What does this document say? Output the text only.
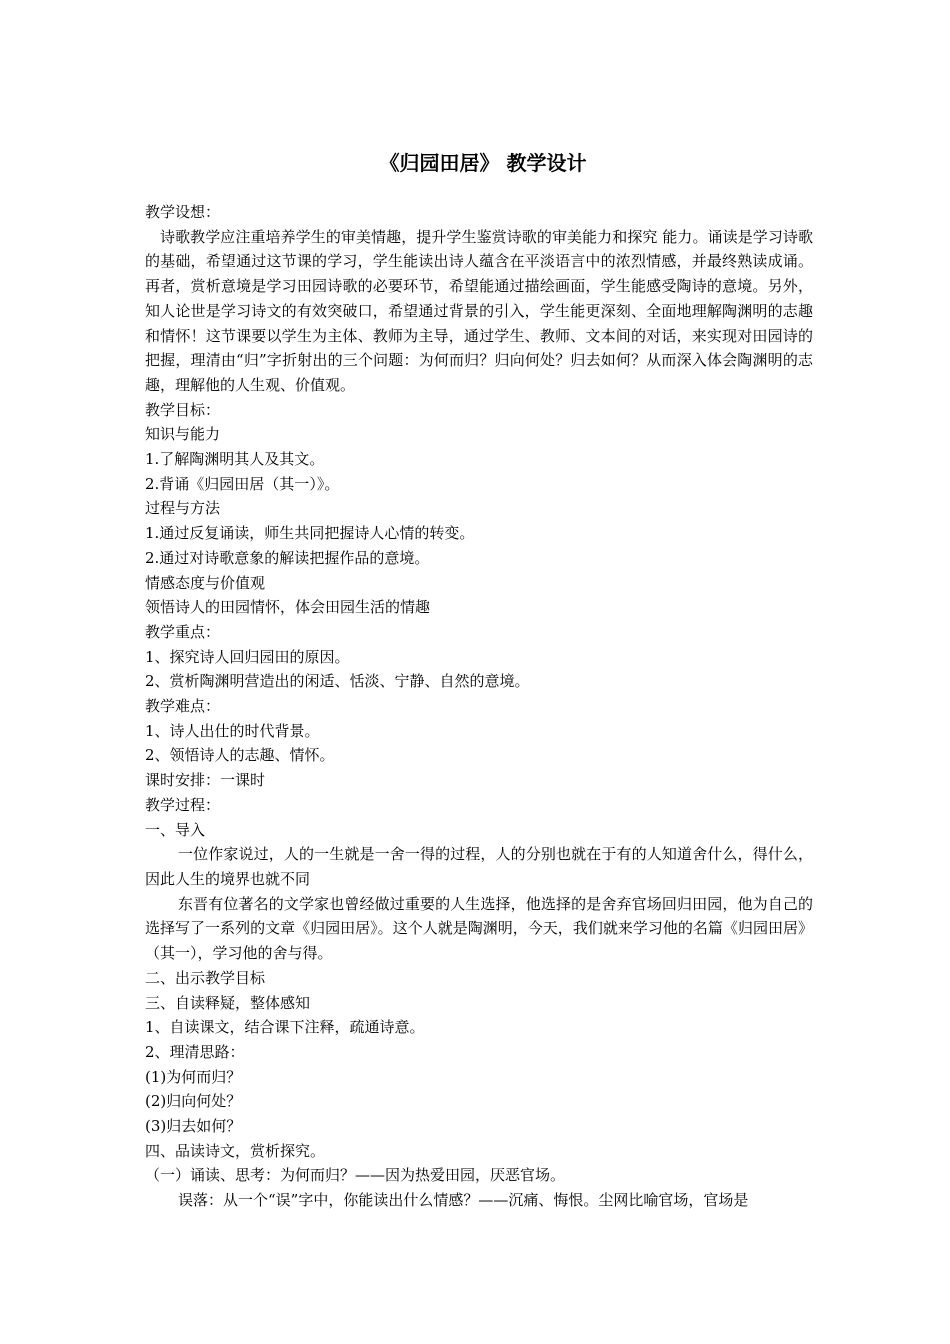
《归园田居》 教学设计

教学设想：

诗歌教学应注重培养学生的审美情趣，提升学生鉴赏诗歌的审美能力和探究 能力。诵读是学习诗歌的基础，希望通过这节课的学习，学生能读出诗人蕴含在平淡语言中的浓烈情感，并最终熟读成诵。再者，赏析意境是学习田园诗歌的必要环节，希望能通过描绘画面，学生能感受陶诗的意境。另外，知人论世是学习诗文的有效突破口，希望通过背景的引入，学生能更深刻、全面地理解陶渊明的志趣和情怀！这节课要以学生为主体、教师为主导，通过学生、教师、文本间的对话，来实现对田园诗的把握，理清由“归”字折射出的三个问题：为何而归？归向何处？归去如何？从而深入体会陶渊明的志趣，理解他的人生观、价值观。

教学目标：

知识与能力

1.了解陶渊明其人及其文。

2.背诵《归园田居（其一）》。

过程与方法

1.通过反复诵读，师生共同把握诗人心情的转变。

2.通过对诗歌意象的解读把握作品的意境。

情感态度与价值观

领悟诗人的田园情怀，体会田园生活的情趣

教学重点：

1、探究诗人回归园田的原因。

2、赏析陶渊明营造出的闲适、恬淡、宁静、自然的意境。

教学难点：

1、诗人出仕的时代背景。

2、领悟诗人的志趣、情怀。

课时安排：一课时

教学过程：

一、导入

一位作家说过，人的一生就是一舍一得的过程，人的分别也就在于有的人知道舍什么，得什么，因此人生的境界也就不同

东晋有位著名的文学家也曾经做过重要的人生选择，他选择的是舍弃官场回归田园，他为自己的选择写了一系列的文章《归园田居》。这个人就是陶渊明，今天，我们就来学习他的名篇《归园田居》（其一），学习他的舍与得。

二、出示教学目标

三、自读释疑，整体感知

1、自读课文，结合课下注释，疏通诗意。

2、理清思路：

(1)为何而归？

(2)归向何处？

(3)归去如何？

四、品读诗文，赏析探究。

（一）诵读、思考：为何而归？——因为热爱田园，厌恶官场。

误落：从一个“误”字中，你能读出什么情感？——沉痛、悔恨。尘网比喻官场，官场是
